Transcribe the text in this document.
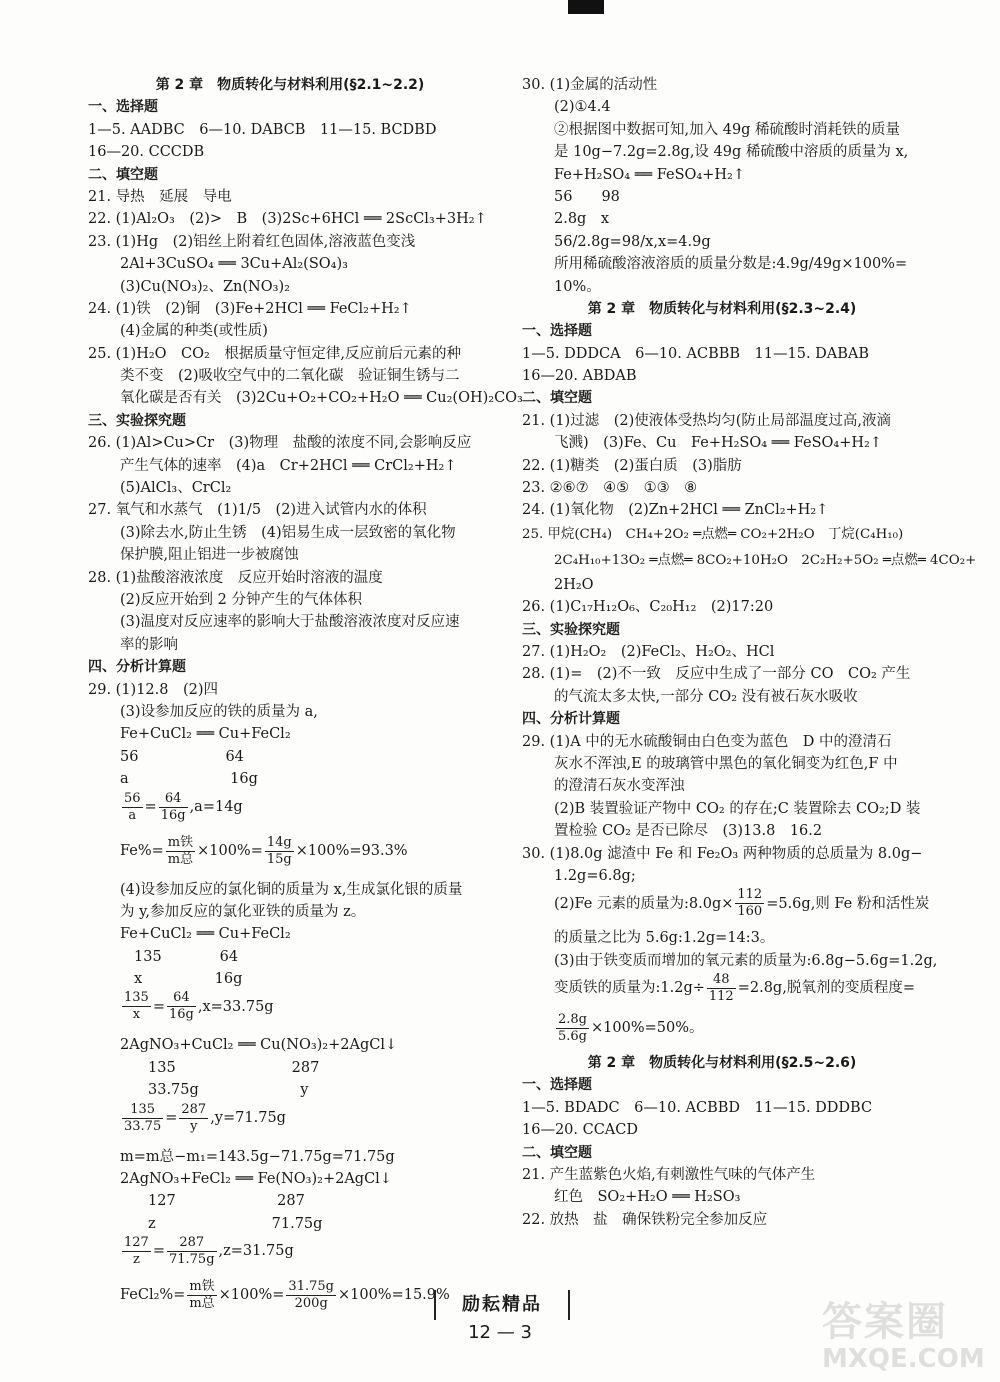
第 2 章　物质转化与材料利用(§2.1~2.2)
一、选择题
1—5. AADBC　6—10. DABCB　11—15. BCDBD
16—20. CCCDB
二、填空题
21. 导热　延展　导电
22. (1)Al₂O₃　(2)>　B　(3)2Sc+6HCl ══ 2ScCl₃+3H₂↑
23. (1)Hg　(2)铝丝上附着红色固体,溶液蓝色变浅
2Al+3CuSO₄ ══ 3Cu+Al₂(SO₄)₃
(3)Cu(NO₃)₂、Zn(NO₃)₂
24. (1)铁　(2)铜　(3)Fe+2HCl ══ FeCl₂+H₂↑
(4)金属的种类(或性质)
25. (1)H₂O　CO₂　根据质量守恒定律,反应前后元素的种
类不变　(2)吸收空气中的二氧化碳　验证铜生锈与二
氧化碳是否有关　(3)2Cu+O₂+CO₂+H₂O ══ Cu₂(OH)₂CO₃
三、实验探究题
26. (1)Al>Cu>Cr　(3)物理　盐酸的浓度不同,会影响反应
产生气体的速率　(4)a　Cr+2HCl ══ CrCl₂+H₂↑
(5)AlCl₃、CrCl₂
27. 氧气和水蒸气　(1)1/5　(2)进入试管内水的体积
(3)除去水,防止生锈　(4)铝易生成一层致密的氧化物
保护膜,阻止铝进一步被腐蚀
28. (1)盐酸溶液浓度　反应开始时溶液的温度
(2)反应开始到 2 分钟产生的气体体积
(3)温度对反应速率的影响大于盐酸溶液浓度对反应速
率的影响
四、分析计算题
29. (1)12.8　(2)四
(3)设参加反应的铁的质量为 a,
Fe+CuCl₂ ══ Cu+FeCl₂
56　　　　　　64
a　　　　　　　16g
$\frac{56}{a} = \frac{64}{16g} ,a=14g$
$Fe\%= \frac{\text{m铁}}{\text{m总}} \times 100\%= \frac{14g}{15g} \times 100\%=93.3\%$
(4)设参加反应的氯化铜的质量为 x,生成氯化银的质量
为 y,参加反应的氯化亚铁的质量为 z。
Fe+CuCl₂ ══ Cu+FeCl₂
135　　　　64
x　　　　　16g
$\frac{135}{x} = \frac{64}{16g} ,x=33.75g$
2AgNO₃+CuCl₂ ══ Cu(NO₃)₂+2AgCl↓
135　　　　　　　　287
33.75g　　　　　　　y
$\frac{135}{33.75} = \frac{287}{y} ,y=71.75g$
m=m总−m₁=143.5g−71.75g=71.75g
2AgNO₃+FeCl₂ ══ Fe(NO₃)₂+2AgCl↓
127　　　　　　　287
z　　　　　　　　71.75g
$\frac{127}{z} = \frac{287}{71.75g} ,z=31.75g$
FeCl₂%= $\frac{\text{m铁}}{\text{m总}} \times 100\%= \frac{31.75g}{200g} \times 100\%=15.9\%$
30. (1)金属的活动性
(2)①4.4
②根据图中数据可知,加入 49g 稀硫酸时消耗铁的质量
是 10g−7.2g=2.8g,设 49g 稀硫酸中溶质的质量为 x,
Fe+H₂SO₄ ══ FeSO₄+H₂↑
56　　98
2.8g　x
56/2.8g=98/x,x=4.9g
所用稀硫酸溶液溶质的质量分数是:4.9g/49g×100%=
10%。
第 2 章　物质转化与材料利用(§2.3~2.4)
一、选择题
1—5. DDDCA　6—10. ACBBB　11—15. DABAB
16—20. ABDAB
二、填空题
21. (1)过滤　(2)使液体受热均匀(防止局部温度过高,液滴
飞溅)　(3)Fe、Cu　Fe+H₂SO₄ ══ FeSO₄+H₂↑
22. (1)糖类　(2)蛋白质　(3)脂肪
23. ②⑥⑦　④⑤　①③　⑧
24. (1)氧化物　(2)Zn+2HCl ══ ZnCl₂+H₂↑
25. 甲烷(CH₄)　CH₄+2O₂ ═点燃═ CO₂+2H₂O　丁烷(C₄H₁₀)
2C₄H₁₀+13O₂ ═点燃═ 8CO₂+10H₂O　2C₂H₂+5O₂ ═点燃═ 4CO₂+
2H₂O
26. (1)C₁₇H₁₂O₆、C₂₀H₁₂　(2)17:20
三、实验探究题
27. (1)H₂O₂　(2)FeCl₂、H₂O₂、HCl
28. (1)=　(2)不一致　反应中生成了一部分 CO　CO₂ 产生
的气流太多太快,一部分 CO₂ 没有被石灰水吸收
四、分析计算题
29. (1)A 中的无水硫酸铜由白色变为蓝色　D 中的澄清石
灰水不浑浊,E 的玻璃管中黑色的氧化铜变为红色,F 中
的澄清石灰水变浑浊
(2)B 装置验证产物中 CO₂ 的存在;C 装置除去 CO₂;D 装
置检验 CO₂ 是否已除尽　(3)13.8　16.2
30. (1)8.0g 滤渣中 Fe 和 Fe₂O₃ 两种物质的总质量为 8.0g−
1.2g=6.8g;
(2)Fe 元素的质量为:8.0g× $\frac{112}{160} =5.6g$,则 Fe 粉和活性炭
的质量之比为 5.6g:1.2g=14:3。
(3)由于铁变质而增加的氧元素的质量为:6.8g−5.6g=1.2g,
变质铁的质量为:1.2g÷ $\frac{48}{112} =2.8g$,脱氧剂的变质程度=
$\frac{2.8g}{5.6g} \times 100\%=50\%$。
第 2 章　物质转化与材料利用(§2.5~2.6)
一、选择题
1—5. BDADC　6—10. ACBBD　11—15. DDDBC
16—20. CCACD
二、填空题
21. 产生蓝紫色火焰,有刺激性气味的气体产生
红色　SO₂+H₂O ══ H₂SO₃
22. 放热　盐　确保铁粉完全参加反应
励耘精品
12 — 3	答案圈
MXQE.COM
